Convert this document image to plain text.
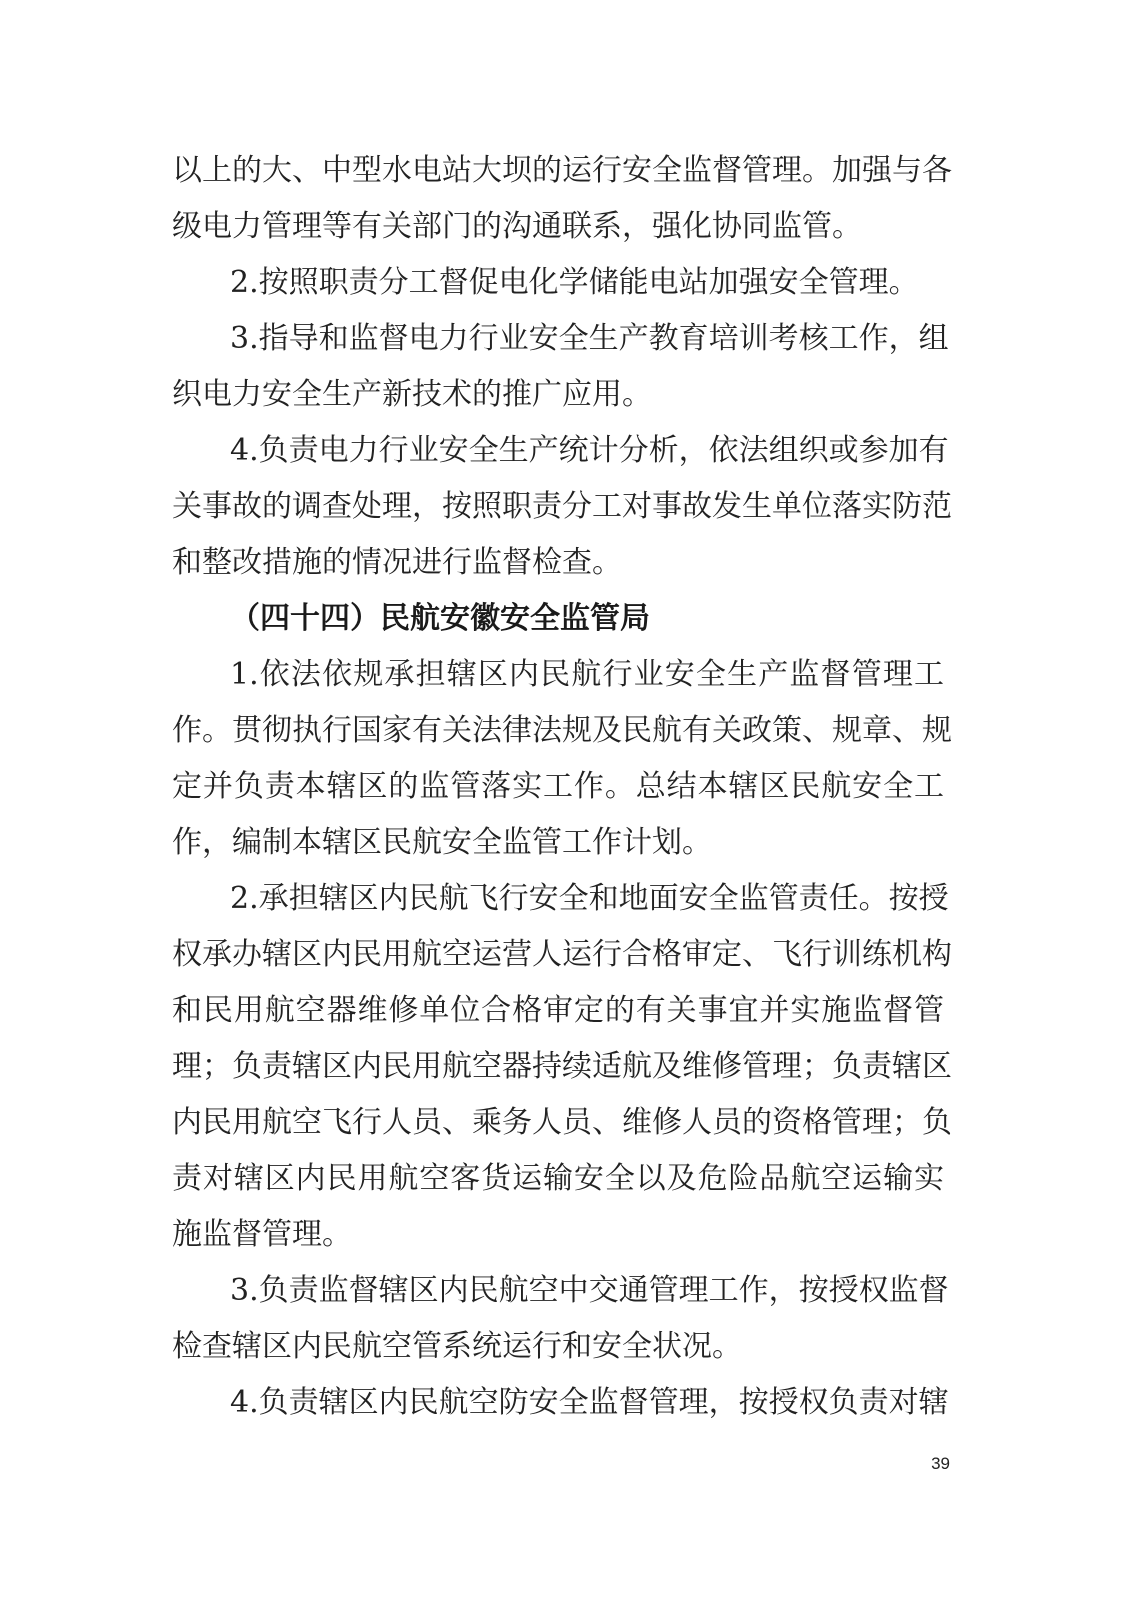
以上的大、中型水电站大坝的运行安全监督管理。加强与各
级电力管理等有关部门的沟通联系，强化协同监管。
2.按照职责分工督促电化学储能电站加强安全管理。
3.指导和监督电力行业安全生产教育培训考核工作，组
织电力安全生产新技术的推广应用。
4.负责电力行业安全生产统计分析，依法组织或参加有
关事故的调查处理，按照职责分工对事故发生单位落实防范
和整改措施的情况进行监督检查。
（四十四）民航安徽安全监管局
1.依法依规承担辖区内民航行业安全生产监督管理工
作。贯彻执行国家有关法律法规及民航有关政策、规章、规
定并负责本辖区的监管落实工作。总结本辖区民航安全工
作，编制本辖区民航安全监管工作计划。
2.承担辖区内民航飞行安全和地面安全监管责任。按授
权承办辖区内民用航空运营人运行合格审定、飞行训练机构
和民用航空器维修单位合格审定的有关事宜并实施监督管
理；负责辖区内民用航空器持续适航及维修管理；负责辖区
内民用航空飞行人员、乘务人员、维修人员的资格管理；负
责对辖区内民用航空客货运输安全以及危险品航空运输实
施监督管理。
3.负责监督辖区内民航空中交通管理工作，按授权监督
检查辖区内民航空管系统运行和安全状况。
4.负责辖区内民航空防安全监督管理，按授权负责对辖
39
